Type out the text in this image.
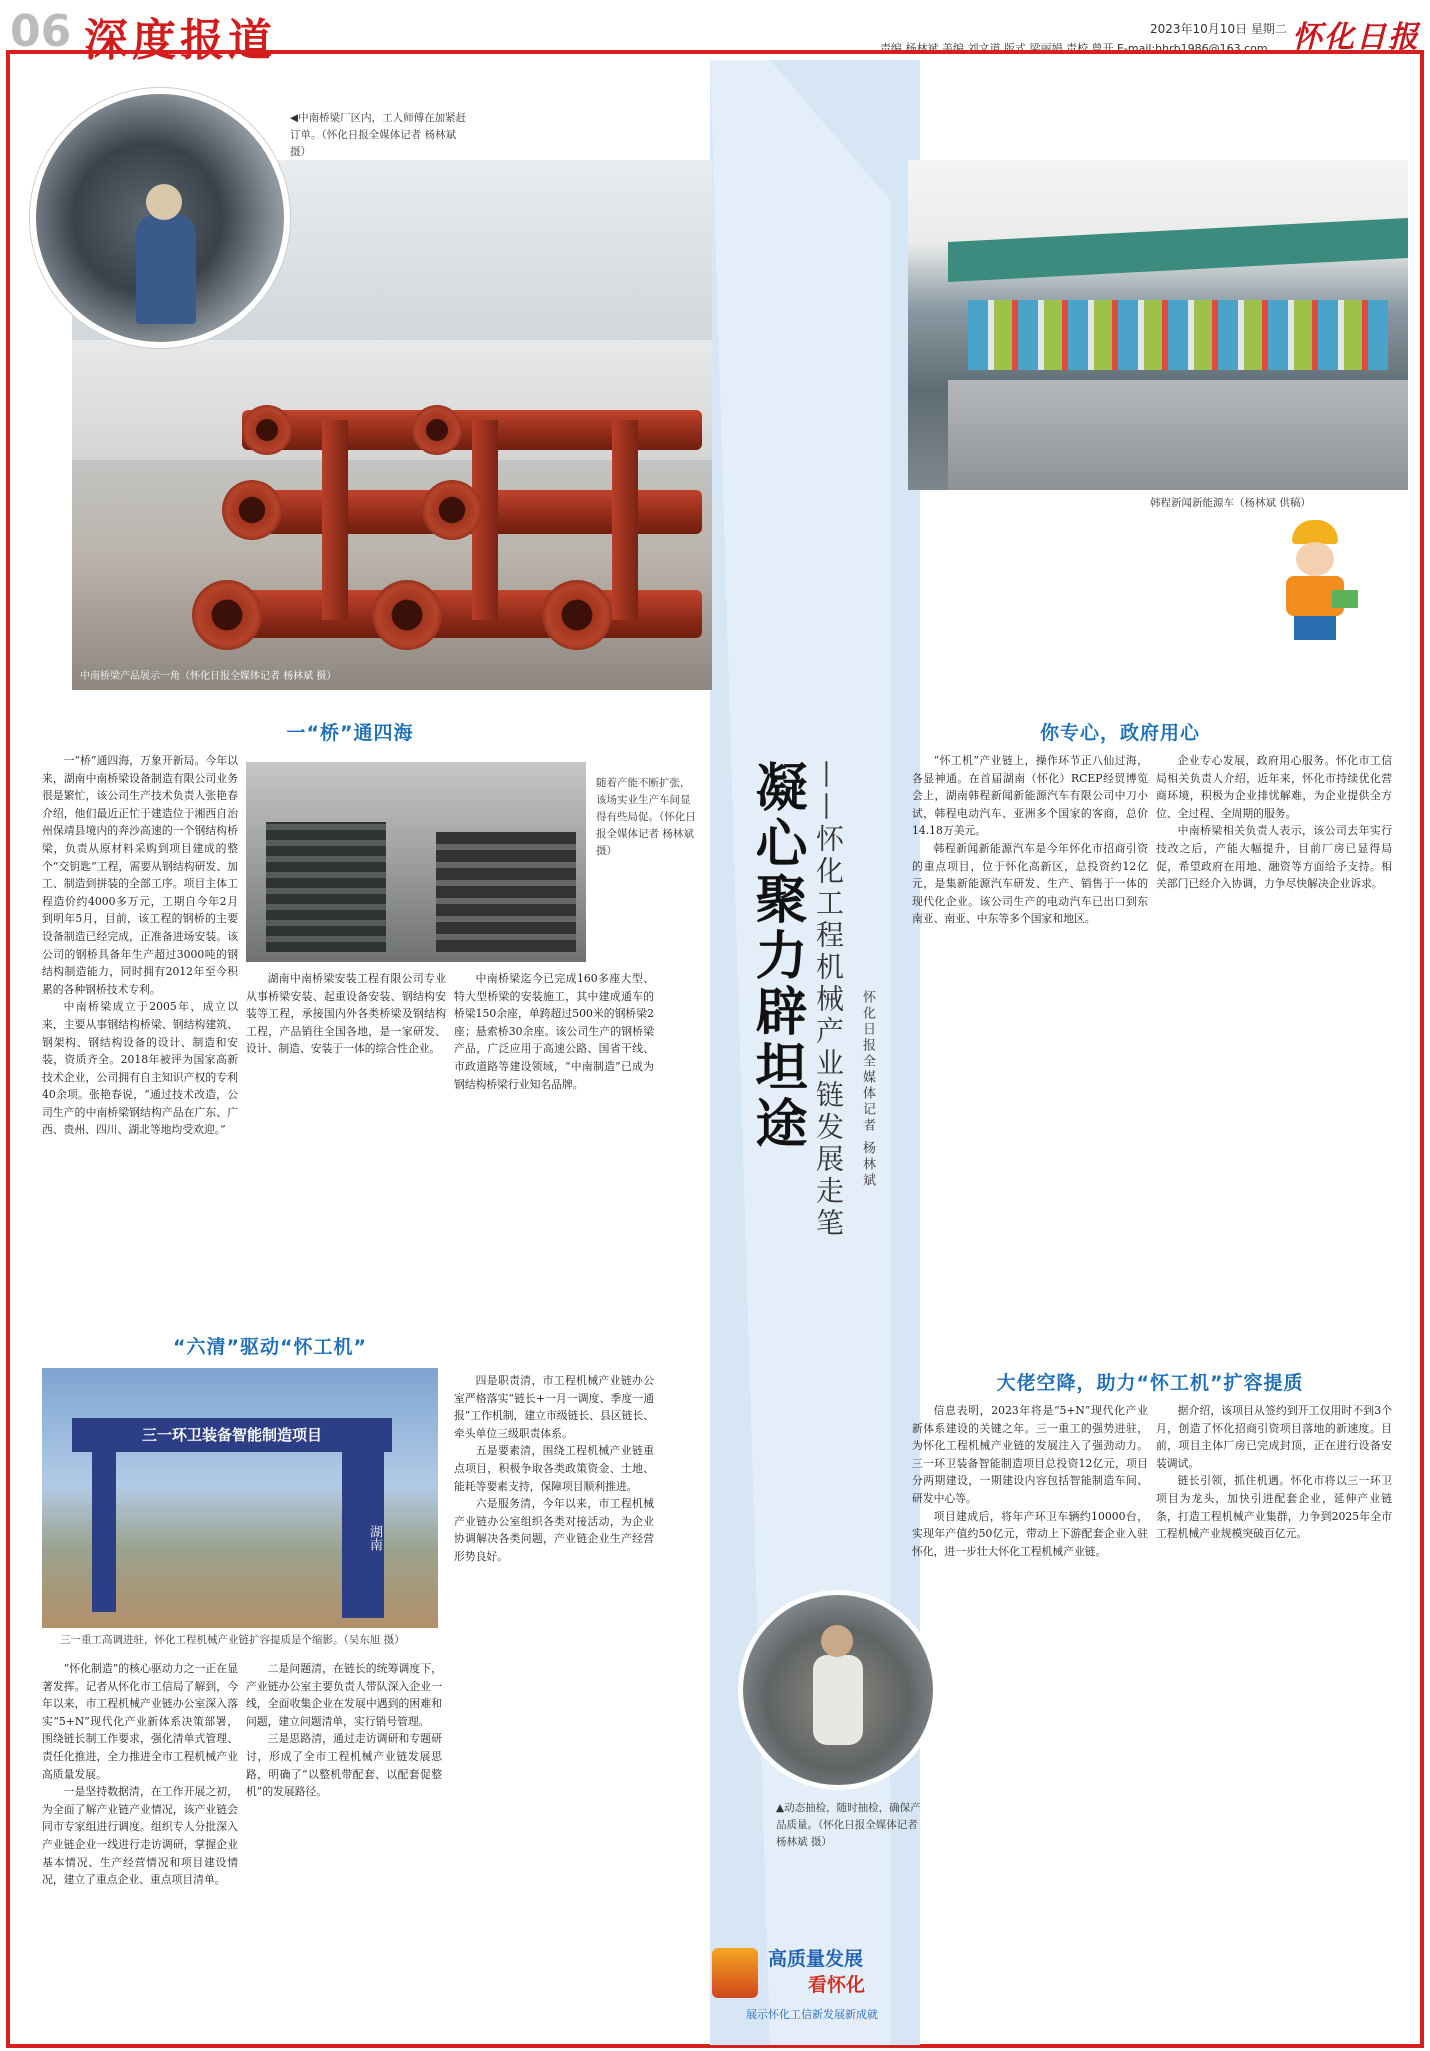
06 深度报道	2023年10月10日 星期二 怀化日报
责编 杨林斌 美编 刘文道 版式 梁丽娟 责校 曾开 E-mail:hhrb1986@163.com
中南桥梁产品展示一角（怀化日报全媒体记者 杨林斌 摄）
◀中南桥梁厂区内，工人师傅在加紧赶订单。（怀化日报全媒体记者 杨林斌 摄）
韩程新闻新能源车（杨林斌 供稿）
凝心聚力辟坦途 ——怀化工程机械产业链发展走笔 怀化日报全媒体记者 杨林斌
一“桥”通四海

一“桥”通四海，万象开新局。今年以来，湖南中南桥梁设备制造有限公司业务很是繁忙，该公司生产技术负责人张艳春介绍，他们最近正忙于建造位于湘西自治州保靖县境内的奔沙高速的一个钢结构桥梁，负责从原材料采购到项目建成的整个“交钥匙”工程，需要从钢结构研发、加工、制造到拼装的全部工序。项目主体工程造价约4000多万元，工期自今年2月到明年5月，目前，该工程的钢桥的主要设备制造已经完成，正准备进场安装。该公司的钢桥具备年生产超过3000吨的钢结构制造能力，同时拥有2012年至今积累的各种钢桥技术专利。

中南桥梁成立于2005年，成立以来，主要从事钢结构桥梁、钢结构建筑、钢架构、钢结构设备的设计、制造和安装，资质齐全。2018年被评为国家高新技术企业，公司拥有自主知识产权的专利40余项。张艳春说，“通过技术改造，公司生产的中南桥梁钢结构产品在广东、广西、贵州、四川、湖北等地均受欢迎。”

随着产能不断扩张，该场实业生产车间显得有些局促。（怀化日报全媒体记者 杨林斌 摄）

湖南中南桥梁安装工程有限公司专业从事桥梁安装、起重设备安装、钢结构安装等工程，承接国内外各类桥梁及钢结构工程，产品销往全国各地，是一家研发、设计、制造、安装于一体的综合性企业。

中南桥梁迄今已完成160多座大型、特大型桥梁的安装施工，其中建成通车的桥梁150余座，单跨超过500米的钢桥梁2座；悬索桥30余座。该公司生产的钢桥梁产品，广泛应用于高速公路、国省干线、市政道路等建设领域，“中南制造”已成为钢结构桥梁行业知名品牌。

“六清”驱动“怀工机”
三一环卫装备智能制造项目
湖南
三一重工高调进驻，怀化工程机械产业链扩容提质是个缩影。（吴东旭 摄）

“怀化制造”的核心驱动力之一正在显著发挥。记者从怀化市工信局了解到，今年以来，市工程机械产业链办公室深入落实“5+N”现代化产业新体系决策部署，围绕链长制工作要求，强化清单式管理、责任化推进，全力推进全市工程机械产业高质量发展。

一是坚持数据清，在工作开展之初，为全面了解产业链产业情况，该产业链会同市专家组进行调度。组织专人分批深入产业链企业一线进行走访调研，掌握企业基本情况、生产经营情况和项目建设情况，建立了重点企业、重点项目清单。

二是问题清，在链长的统筹调度下，产业链办公室主要负责人带队深入企业一线，全面收集企业在发展中遇到的困难和问题，建立问题清单，实行销号管理。

三是思路清，通过走访调研和专题研讨，形成了全市工程机械产业链发展思路，明确了“以整机带配套、以配套促整机”的发展路径。

四是职责清，市工程机械产业链办公室严格落实“链长+一月一调度、季度一通报”工作机制，建立市级链长、县区链长、牵头单位三级职责体系。

五是要素清，围绕工程机械产业链重点项目，积极争取各类政策资金、土地、能耗等要素支持，保障项目顺利推进。

六是服务清，今年以来，市工程机械产业链办公室组织各类对接活动，为企业协调解决各类问题，产业链企业生产经营形势良好。

你专心，政府用心

“怀工机”产业链上，操作环节正八仙过海，各显神通。在首届湖南（怀化）RCEP经贸博览会上，湖南韩程新闻新能源汽车有限公司中刀小试，韩程电动汽车、亚洲多个国家的客商，总价14.18万美元。

韩程新闻新能源汽车是今年怀化市招商引资的重点项目，位于怀化高新区，总投资约12亿元，是集新能源汽车研发、生产、销售于一体的现代化企业。该公司生产的电动汽车已出口到东南亚、南亚、中东等多个国家和地区。

企业专心发展，政府用心服务。怀化市工信局相关负责人介绍，近年来，怀化市持续优化营商环境，积极为企业排忧解难，为企业提供全方位、全过程、全周期的服务。

中南桥梁相关负责人表示，该公司去年实行技改之后，产能大幅提升，目前厂房已显得局促，希望政府在用地、融资等方面给予支持。相关部门已经介入协调，力争尽快解决企业诉求。

大佬空降，助力“怀工机”扩容提质

信息表明，2023年将是“5+N”现代化产业新体系建设的关键之年。三一重工的强势进驻，为怀化工程机械产业链的发展注入了强劲动力。三一环卫装备智能制造项目总投资12亿元，项目分两期建设，一期建设内容包括智能制造车间、研发中心等。

项目建成后，将年产环卫车辆约10000台，实现年产值约50亿元，带动上下游配套企业入驻怀化，进一步壮大怀化工程机械产业链。

据介绍，该项目从签约到开工仅用时不到3个月，创造了怀化招商引资项目落地的新速度。目前，项目主体厂房已完成封顶，正在进行设备安装调试。

链长引领，抓住机遇。怀化市将以三一环卫项目为龙头，加快引进配套企业，延伸产业链条，打造工程机械产业集群，力争到2025年全市工程机械产业规模突破百亿元。

▲动态抽检，随时抽检，确保产品质量。（怀化日报全媒体记者 杨林斌 摄）
高质量发展
看怀化
展示怀化工信新发展新成就
